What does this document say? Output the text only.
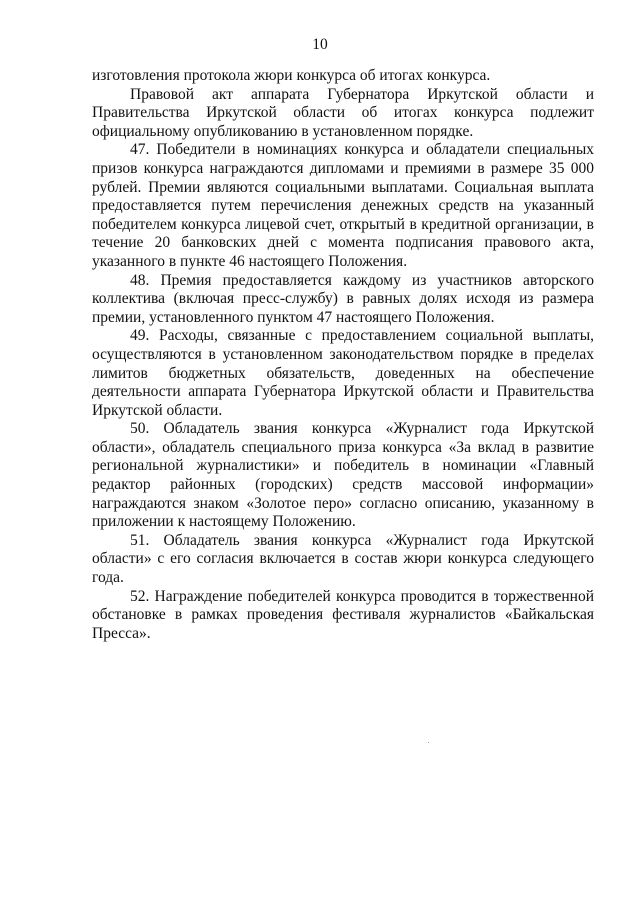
10

изготовления протокола жюри конкурса об итогах конкурса.

Правовой акт аппарата Губернатора Иркутской области и Правительства Иркутской области об итогах конкурса подлежит официальному опубликованию в установленном порядке.

47. Победители в номинациях конкурса и обладатели специальных призов конкурса награждаются дипломами и премиями в размере 35 000 рублей. Премии являются социальными выплатами. Социальная выплата предоставляется путем перечисления денежных средств на указанный победителем конкурса лицевой счет, открытый в кредитной организации, в течение 20 банковских дней с момента подписания правового акта, указанного в пункте 46 настоящего Положения.

48. Премия предоставляется каждому из участников авторского коллектива (включая пресс-службу) в равных долях исходя из размера премии, установленного пунктом 47 настоящего Положения.

49. Расходы, связанные с предоставлением социальной выплаты, осуществляются в установленном законодательством порядке в пределах лимитов бюджетных обязательств, доведенных на обеспечение деятельности аппарата Губернатора Иркутской области и Правительства Иркутской области.

50. Обладатель звания конкурса «Журналист года Иркутской области», обладатель специального приза конкурса «За вклад в развитие региональной журналистики» и победитель в номинации «Главный редактор районных (городских) средств массовой информации» награждаются знаком «Золотое перо» согласно описанию, указанному в приложении к настоящему Положению.

51. Обладатель звания конкурса «Журналист года Иркутской области» с его согласия включается в состав жюри конкурса следующего года.

52. Награждение победителей конкурса проводится в торжественной обстановке в рамках проведения фестиваля журналистов «Байкальская Пресса».
